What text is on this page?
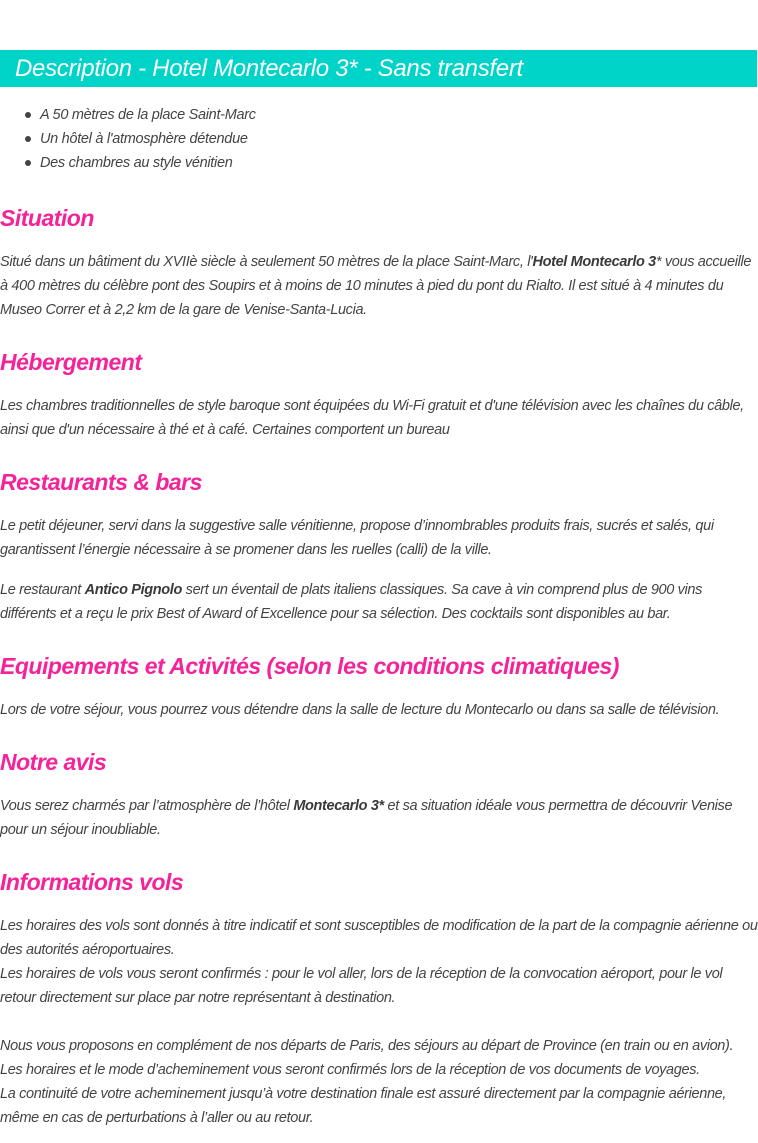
Description - Hotel Montecarlo 3* - Sans transfert
A 50 mètres de la place Saint-Marc
Un hôtel à l'atmosphère détendue
Des chambres au style vénitien
Situation

Situé dans un bâtiment du XVIIè siècle à seulement 50 mètres de la place Saint-Marc, l'Hotel Montecarlo 3* vous accueille à 400 mètres du célèbre pont des Soupirs et à moins de 10 minutes à pied du pont du Rialto. Il est situé à 4 minutes du Museo Correr et à 2,2 km de la gare de Venise-Santa-Lucia.

Hébergement

Les chambres traditionnelles de style baroque sont équipées du Wi-Fi gratuit et d'une télévision avec les chaînes du câble, ainsi que d'un nécessaire à thé et à café. Certaines comportent un bureau

Restaurants & bars

Le petit déjeuner, servi dans la suggestive salle vénitienne, propose d’innombrables produits frais, sucrés et salés, qui garantissent l’énergie nécessaire à se promener dans les ruelles (calli) de la ville.

Le restaurant Antico Pignolo sert un éventail de plats italiens classiques. Sa cave à vin comprend plus de 900 vins différents et a reçu le prix Best of Award of Excellence pour sa sélection. Des cocktails sont disponibles au bar.

Equipements et Activités (selon les conditions climatiques)

Lors de votre séjour, vous pourrez vous détendre dans la salle de lecture du Montecarlo ou dans sa salle de télévision.

Notre avis

Vous serez charmés par l’atmosphère de l’hôtel Montecarlo 3* et sa situation idéale vous permettra de découvrir Venise pour un séjour inoubliable.

Informations vols

Les horaires des vols sont donnés à titre indicatif et sont susceptibles de modification de la part de la compagnie aérienne ou des autorités aéroportuaires.
Les horaires de vols vous seront confirmés : pour le vol aller, lors de la réception de la convocation aéroport, pour le vol retour directement sur place par notre représentant à destination.

Nous vous proposons en complément de nos départs de Paris, des séjours au départ de Province (en train ou en avion).
Les horaires et le mode d’acheminement vous seront confirmés lors de la réception de vos documents de voyages.
La continuité de votre acheminement jusqu’à votre destination finale est assuré directement par la compagnie aérienne, même en cas de perturbations à l’aller ou au retour.
